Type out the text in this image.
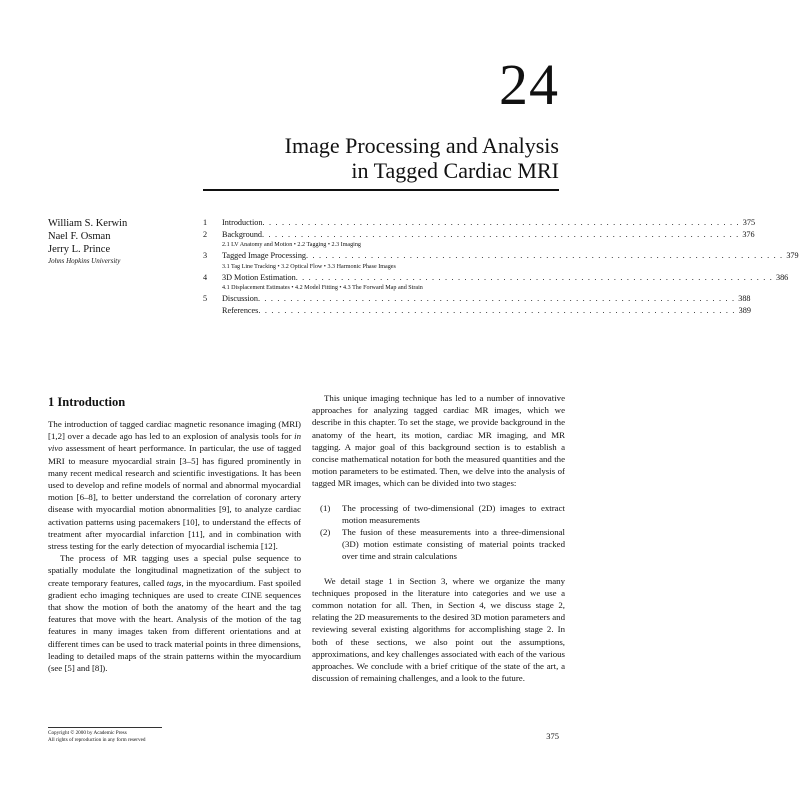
24
Image Processing and Analysis
in Tagged Cardiac MRI
William S. Kerwin
Nael F. Osman
Jerry L. Prince
Johns Hopkins University
1	Introduction . . . . . . . . . . . . . . . . . . . . . . . . . . . . . . . . . . . . . . . . . . . . . . . . . . . . . . . . . . . . . . . . . . . . . . . . . . 375
2	Background . . . . . . . . . . . . . . . . . . . . . . . . . . . . . . . . . . . . . . . . . . . . . . . . . . . . . . . . . . . . . . . . . . . . . . . . . . 376
2.1 LV Anatomy and Motion • 2.2 Tagging • 2.3 Imaging
3	Tagged Image Processing . . . . . . . . . . . . . . . . . . . . . . . . . . . . . . . . . . . . . . . . . . . . . . . . . . . . . . . . . . . . . . . . . . . . . . . . . . 379
3.1 Tag Line Tracking • 3.2 Optical Flow • 3.3 Harmonic Phase Images
4	3D Motion Estimation . . . . . . . . . . . . . . . . . . . . . . . . . . . . . . . . . . . . . . . . . . . . . . . . . . . . . . . . . . . . . . . . . . . . . . . . . . 386
4.1 Displacement Estimates • 4.2 Model Fitting • 4.3 The Forward Map and Strain
5	Discussion . . . . . . . . . . . . . . . . . . . . . . . . . . . . . . . . . . . . . . . . . . . . . . . . . . . . . . . . . . . . . . . . . . . . . . . . . . 388
References . . . . . . . . . . . . . . . . . . . . . . . . . . . . . . . . . . . . . . . . . . . . . . . . . . . . . . . . . . . . . . . . . . . . . . . . . . 389
1 Introduction

The introduction of tagged cardiac magnetic resonance imaging (MRI) [1,2] over a decade ago has led to an explosion of analysis tools for in vivo assessment of heart performance. In particular, the use of tagged MRI to measure myocardial strain [3–5] has figured prominently in many recent medical research and scientific investigations. It has been used to develop and refine models of normal and abnormal myocardial motion [6–8], to better understand the correlation of coronary artery disease with myocardial motion abnormalities [9], to analyze cardiac activation patterns using pacemakers [10], to understand the effects of treatment after myocardial infarction [11], and in combination with stress testing for the early detection of myocardial ischemia [12].

The process of MR tagging uses a special pulse sequence to spatially modulate the longitudinal magnetization of the subject to create temporary features, called tags, in the myocardium. Fast spoiled gradient echo imaging techniques are used to create CINE sequences that show the motion of both the anatomy of the heart and the tag features that move with the heart. Analysis of the motion of the tag features in many images taken from different orientations and at different times can be used to track material points in three dimensions, leading to detailed maps of the strain patterns within the myocardium (see [5] and [8]).

This unique imaging technique has led to a number of innovative approaches for analyzing tagged cardiac MR images, which we describe in this chapter. To set the stage, we provide background in the anatomy of the heart, its motion, cardiac MR imaging, and MR tagging. A major goal of this background section is to establish a concise mathematical notation for both the measured quantities and the motion parameters to be estimated. Then, we delve into the analysis of tagged MR images, which can be divided into two stages:

(1)	The processing of two-dimensional (2D) images to extract motion measurements
(2)	The fusion of these measurements into a three-dimensional (3D) motion estimate consisting of material points tracked over time and strain calculations

We detail stage 1 in Section 3, where we organize the many techniques proposed in the literature into categories and we use a common notation for all. Then, in Section 4, we discuss stage 2, relating the 2D measurements to the desired 3D motion parameters and reviewing several existing algorithms for accomplishing stage 2. In both of these sections, we also point out the assumptions, approximations, and key challenges associated with each of the various approaches. We conclude with a brief critique of the state of the art, a discussion of remaining challenges, and a look to the future.

Copyright © 2000 by Academic Press
All rights of reproduction in any form reserved	375
